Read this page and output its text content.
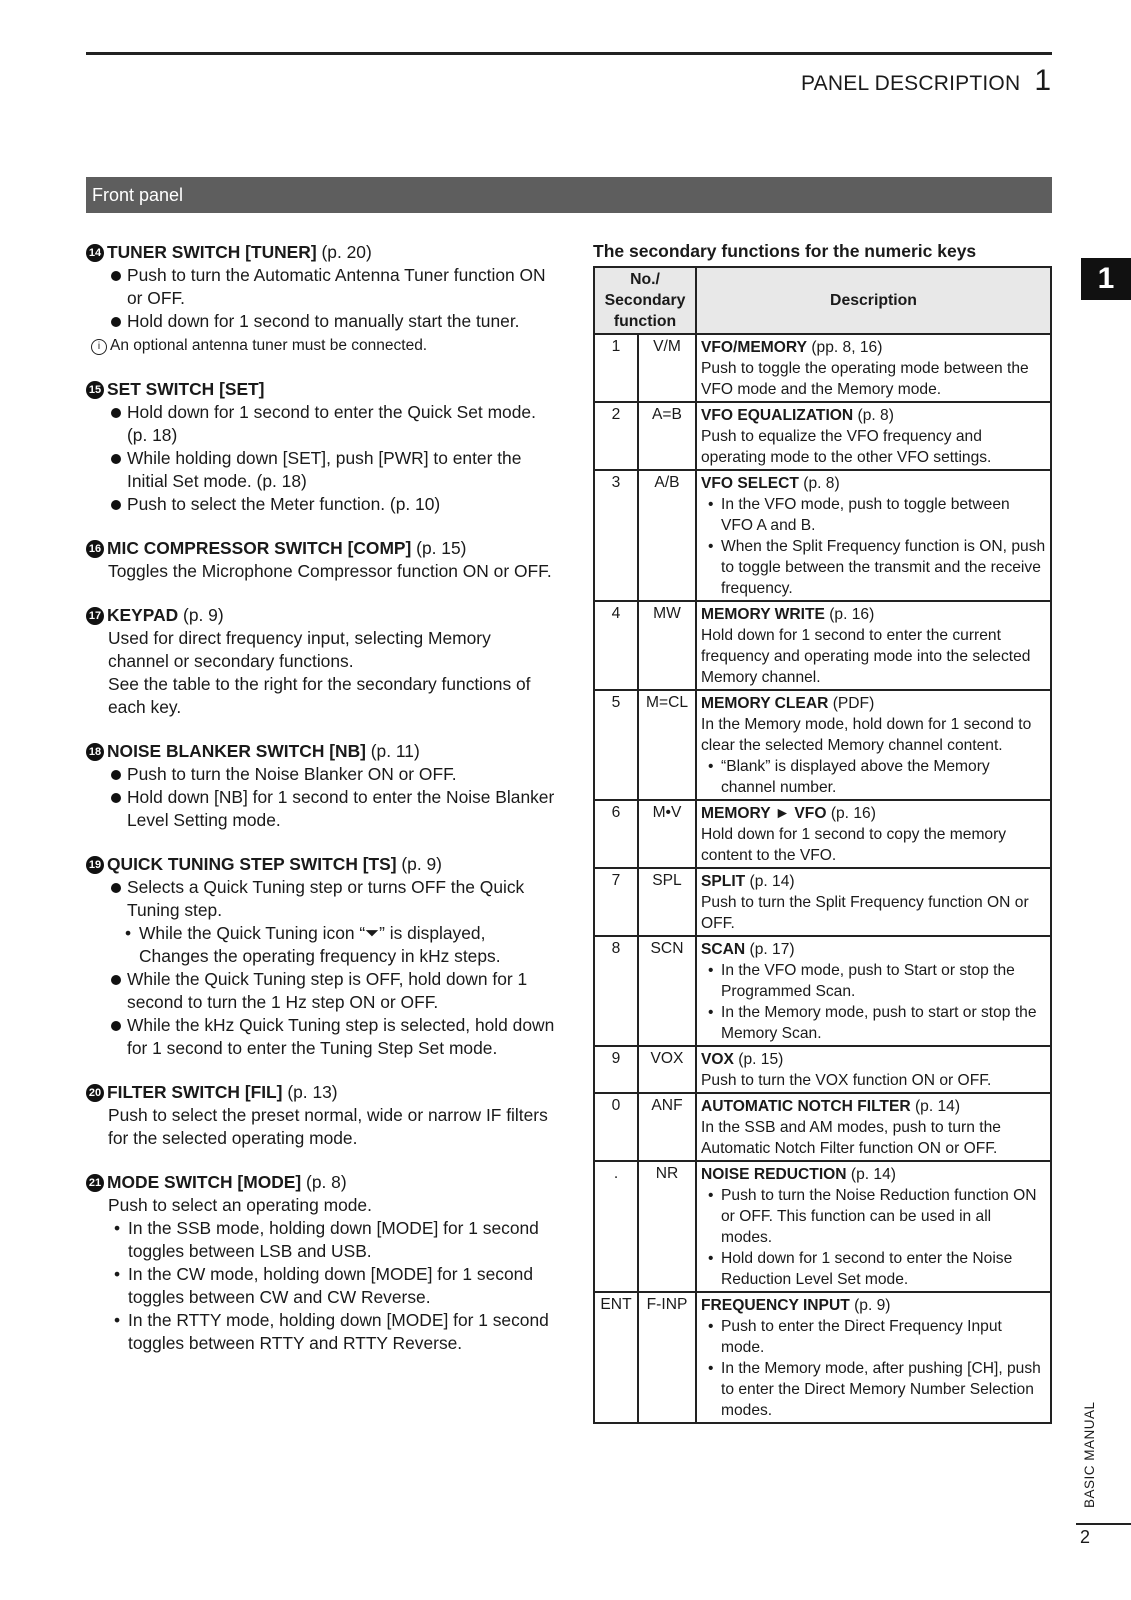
PANEL DESCRIPTION 1
Front panel
14 TUNER SWITCH [TUNER] (p. 20)
Push to turn the Automatic Antenna Tuner function ON or OFF.
Hold down for 1 second to manually start the tuner.
i An optional antenna tuner must be connected.
15 SET SWITCH [SET]
Hold down for 1 second to enter the Quick Set mode. (p. 18)
While holding down [SET], push [PWR] to enter the Initial Set mode. (p. 18)
Push to select the Meter function. (p. 10)
16 MIC COMPRESSOR SWITCH [COMP] (p. 15)
Toggles the Microphone Compressor function ON or OFF.
17 KEYPAD (p. 9)
Used for direct frequency input, selecting Memory channel or secondary functions.
See the table to the right for the secondary functions of each key.
18 NOISE BLANKER SWITCH [NB] (p. 11)
Push to turn the Noise Blanker ON or OFF.
Hold down [NB] for 1 second to enter the Noise Blanker Level Setting mode.
19 QUICK TUNING STEP SWITCH [TS] (p. 9)
Selects a Quick Tuning step or turns OFF the Quick Tuning step.
• While the Quick Tuning icon “⏷” is displayed, Changes the operating frequency in kHz steps.
While the Quick Tuning step is OFF, hold down for 1 second to turn the 1 Hz step ON or OFF.
While the kHz Quick Tuning step is selected, hold down for 1 second to enter the Tuning Step Set mode.
20 FILTER SWITCH [FIL] (p. 13)
Push to select the preset normal, wide or narrow IF filters for the selected operating mode.
21 MODE SWITCH [MODE] (p. 8)
Push to select an operating mode.
• In the SSB mode, holding down [MODE] for 1 second toggles between LSB and USB.
• In the CW mode, holding down [MODE] for 1 second toggles between CW and CW Reverse.
• In the RTTY mode, holding down [MODE] for 1 second toggles between RTTY and RTTY Reverse.
The secondary functions for the numeric keys
No./ Secondary function		Description
1	V/M	VFO/MEMORY (pp. 8, 16)
Push to toggle the operating mode between the VFO mode and the Memory mode.

2	A=B	VFO EQUALIZATION (p. 8)
Push to equalize the VFO frequency and operating mode to the other VFO settings.

3	A/B	VFO SELECT (p. 8)
• In the VFO mode, push to toggle between VFO A and B.
• When the Split Frequency function is ON, push to toggle between the transmit and the receive frequency.

4	MW	MEMORY WRITE (p. 16)
Hold down for 1 second to enter the current frequency and operating mode into the selected Memory channel.

5	M=CL	MEMORY CLEAR (PDF)
In the Memory mode, hold down for 1 second to clear the selected Memory channel content.
• “Blank” is displayed above the Memory channel number.

6	M•V	MEMORY ► VFO (p. 16)
Hold down for 1 second to copy the memory content to the VFO.

7	SPL	SPLIT (p. 14)
Push to turn the Split Frequency function ON or OFF.

8	SCN	SCAN (p. 17)
• In the VFO mode, push to Start or stop the Programmed Scan.
• In the Memory mode, push to start or stop the Memory Scan.

9	VOX	VOX (p. 15)
Push to turn the VOX function ON or OFF.

0	ANF	AUTOMATIC NOTCH FILTER (p. 14)
In the SSB and AM modes, push to turn the Automatic Notch Filter function ON or OFF.

.	NR	NOISE REDUCTION (p. 14)
• Push to turn the Noise Reduction function ON or OFF. This function can be used in all modes.
• Hold down for 1 second to enter the Noise Reduction Level Set mode.

ENT	F-INP	FREQUENCY INPUT (p. 9)
• Push to enter the Direct Frequency Input mode.
• In the Memory mode, after pushing [CH], push to enter the Direct Memory Number Selection modes.
1
BASIC MANUAL
2
